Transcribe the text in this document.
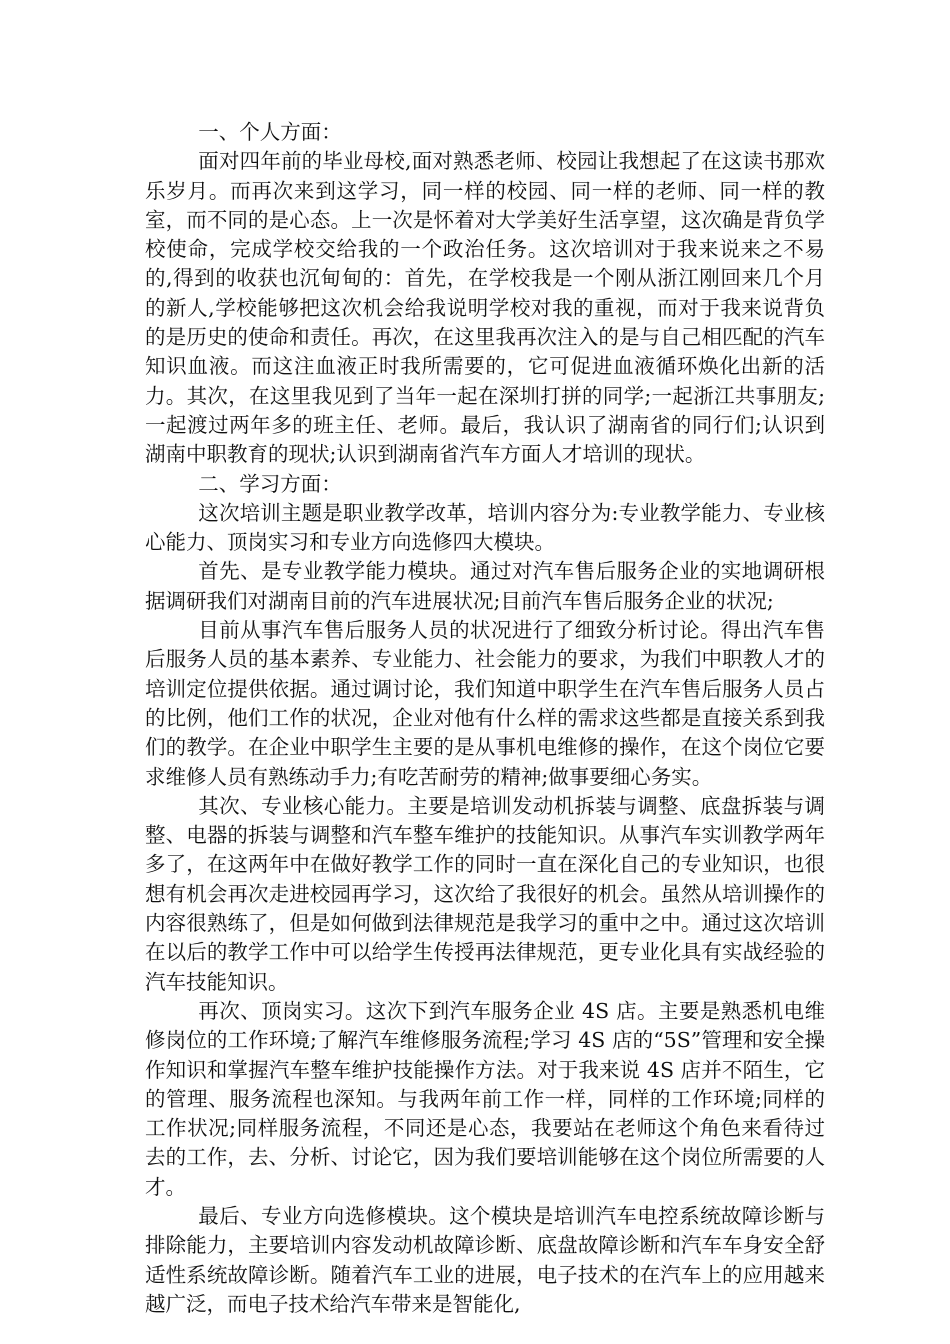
一、个人方面：

面对四年前的毕业母校,面对熟悉老师、校园让我想起了在这读书那欢乐岁月。而再次来到这学习，同一样的校园、同一样的老师、同一样的教室，而不同的是心态。上一次是怀着对大学美好生活享望，这次确是背负学校使命，完成学校交给我的一个政治任务。这次培训对于我来说来之不易的,得到的收获也沉甸甸的：首先，在学校我是一个刚从浙江刚回来几个月的新人,学校能够把这次机会给我说明学校对我的重视，而对于我来说背负的是历史的使命和责任。再次，在这里我再次注入的是与自己相匹配的汽车知识血液。而这注血液正时我所需要的，它可促进血液循环焕化出新的活力。其次，在这里我见到了当年一起在深圳打拼的同学;一起浙江共事朋友;一起渡过两年多的班主任、老师。最后，我认识了湖南省的同行们;认识到湖南中职教育的现状;认识到湖南省汽车方面人才培训的现状。

二、学习方面：

这次培训主题是职业教学改革，培训内容分为:专业教学能力、专业核心能力、顶岗实习和专业方向选修四大模块。

首先、是专业教学能力模块。通过对汽车售后服务企业的实地调研根据调研我们对湖南目前的汽车进展状况;目前汽车售后服务企业的状况;

目前从事汽车售后服务人员的状况进行了细致分析讨论。得出汽车售后服务人员的基本素养、专业能力、社会能力的要求，为我们中职教人才的培训定位提供依据。通过调讨论，我们知道中职学生在汽车售后服务人员占的比例，他们工作的状况，企业对他有什么样的需求这些都是直接关系到我们的教学。在企业中职学生主要的是从事机电维修的操作，在这个岗位它要求维修人员有熟练动手力;有吃苦耐劳的精神;做事要细心务实。

其次、专业核心能力。主要是培训发动机拆装与调整、底盘拆装与调整、电器的拆装与调整和汽车整车维护的技能知识。从事汽车实训教学两年多了，在这两年中在做好教学工作的同时一直在深化自己的专业知识，也很想有机会再次走进校园再学习，这次给了我很好的机会。虽然从培训操作的内容很熟练了，但是如何做到法律规范是我学习的重中之中。通过这次培训在以后的教学工作中可以给学生传授再法律规范，更专业化具有实战经验的汽车技能知识。

再次、顶岗实习。这次下到汽车服务企业 4S 店。主要是熟悉机电维修岗位的工作环境;了解汽车维修服务流程;学习 4S 店的“5S”管理和安全操作知识和掌握汽车整车维护技能操作方法。对于我来说 4S 店并不陌生，它的管理、服务流程也深知。与我两年前工作一样，同样的工作环境;同样的工作状况;同样服务流程，不同还是心态，我要站在老师这个角色来看待过去的工作，去、分析、讨论它，因为我们要培训能够在这个岗位所需要的人才。

最后、专业方向选修模块。这个模块是培训汽车电控系统故障诊断与排除能力，主要培训内容发动机故障诊断、底盘故障诊断和汽车车身安全舒适性系统故障诊断。随着汽车工业的进展，电子技术的在汽车上的应用越来越广泛，而电子技术给汽车带来是智能化,
